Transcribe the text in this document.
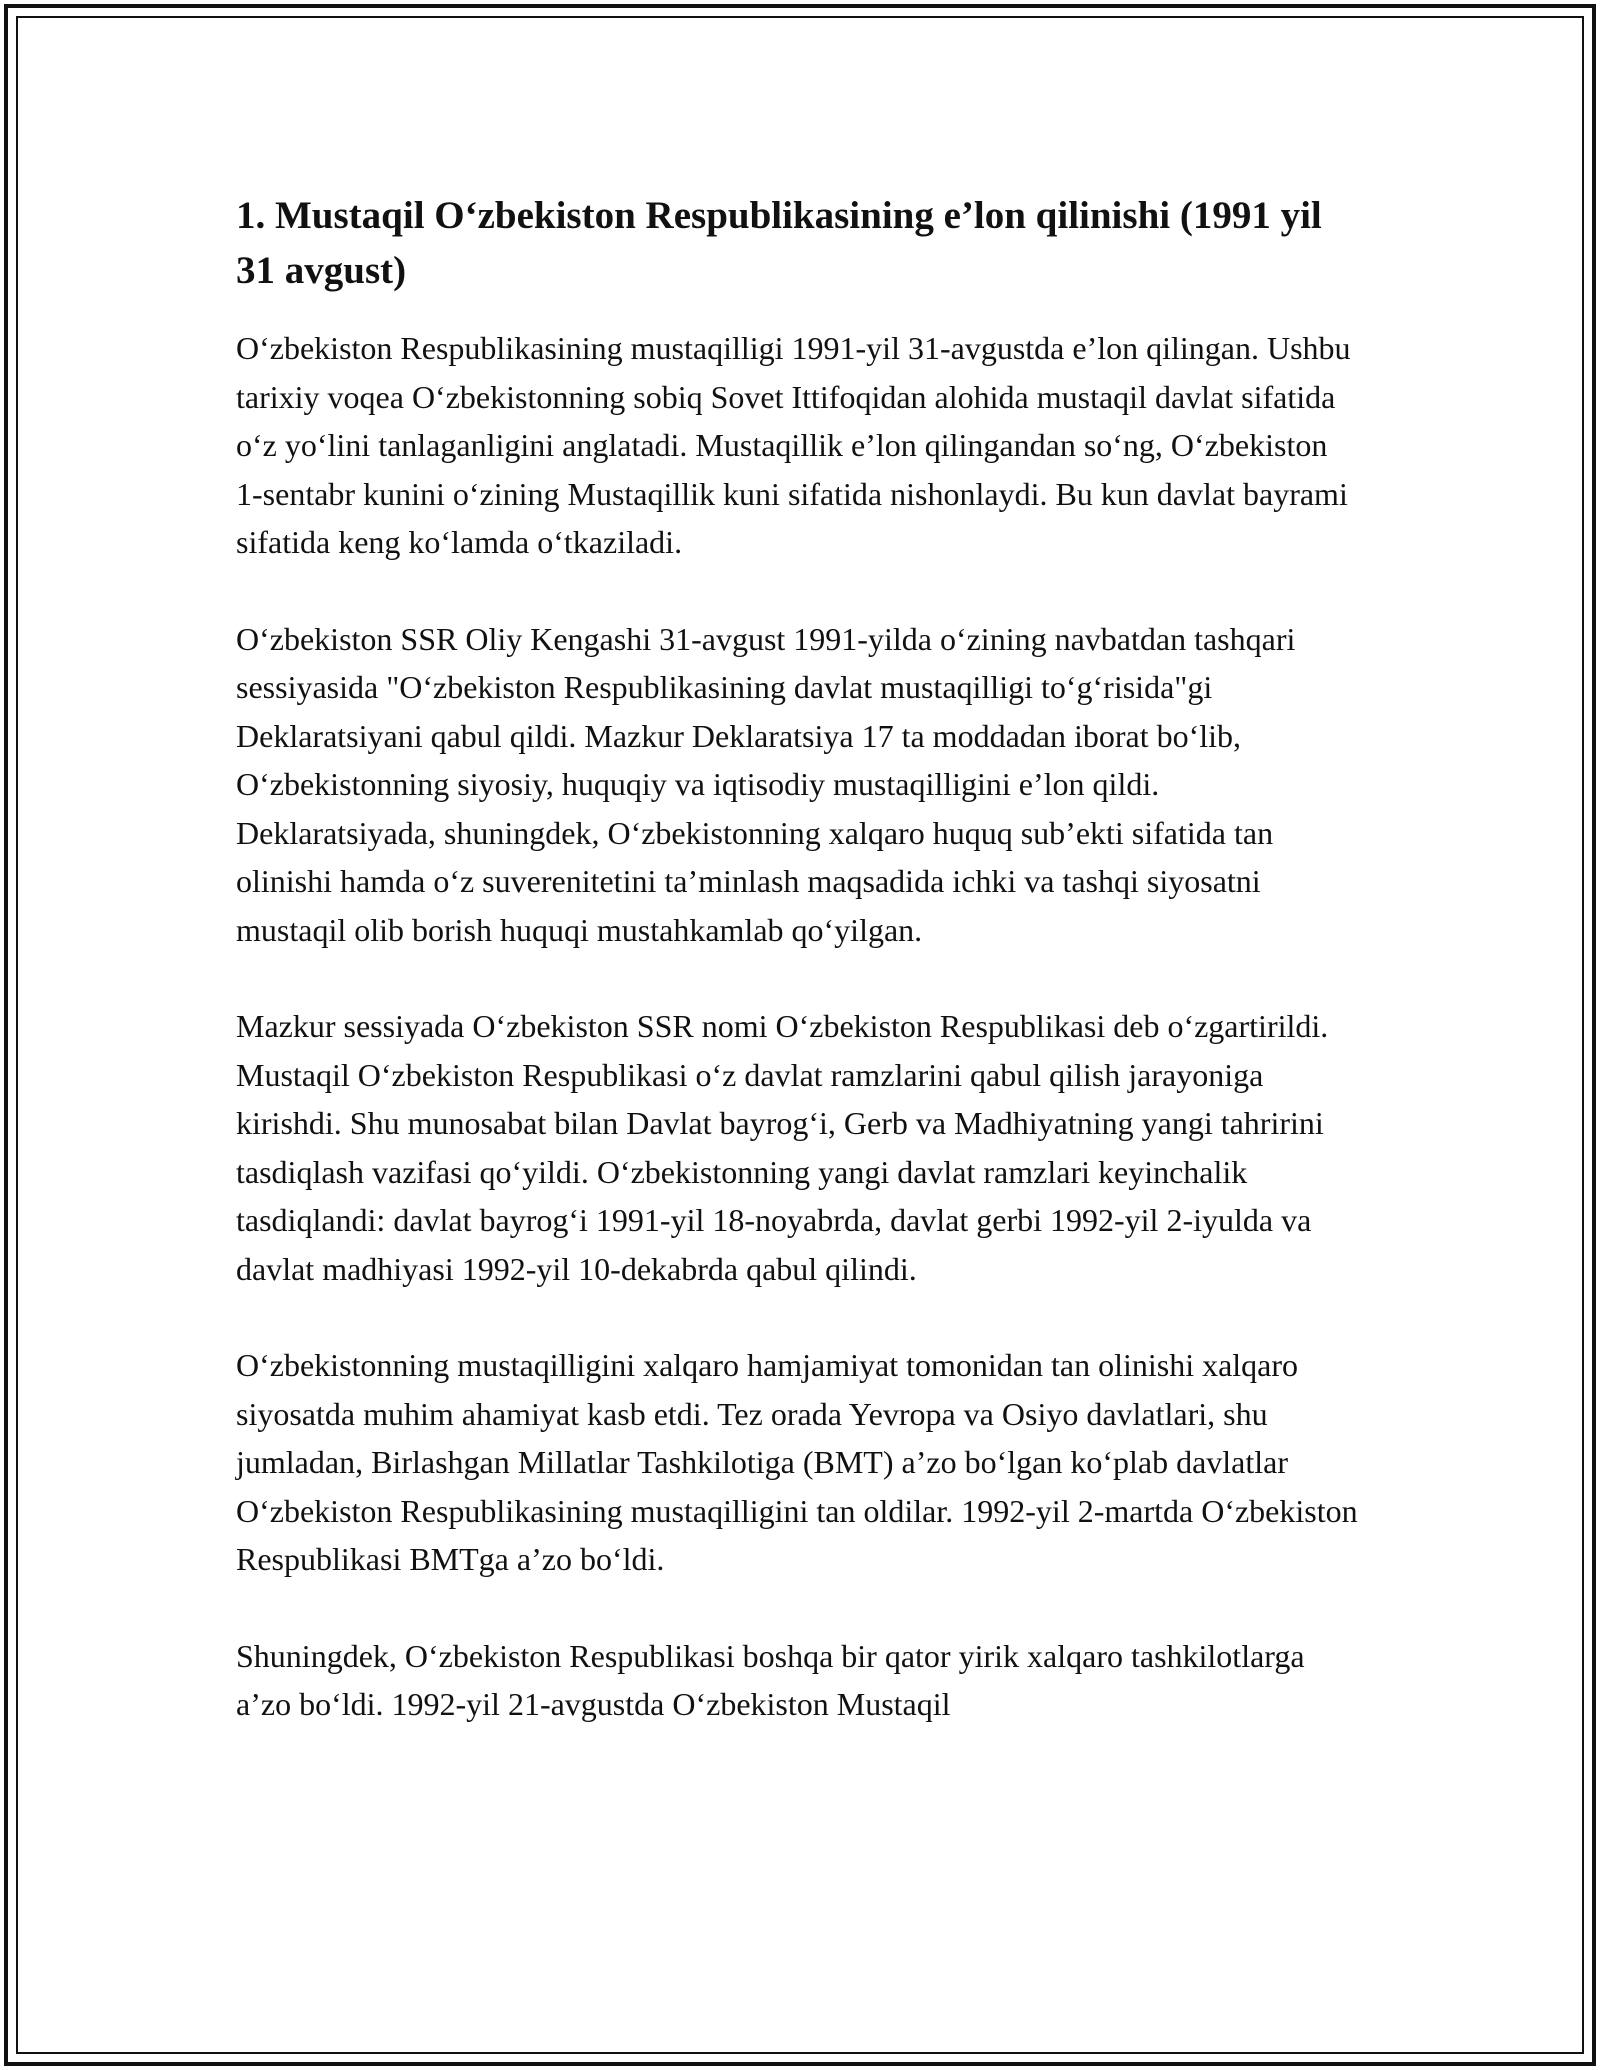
1. Mustaqil O‘zbekiston Respublikasining e’lon qilinishi (1991 yil 31 avgust)

O‘zbekiston Respublikasining mustaqilligi 1991-yil 31-avgustda e’lon qilingan. Ushbu tarixiy voqea O‘zbekistonning sobiq Sovet Ittifoqidan alohida mustaqil davlat sifatida o‘z yo‘lini tanlaganligini anglatadi. Mustaqillik e’lon qilingandan so‘ng, O‘zbekiston 1-sentabr kunini o‘zining Mustaqillik kuni sifatida nishonlaydi. Bu kun davlat bayrami sifatida keng ko‘lamda o‘tkaziladi.

O‘zbekiston SSR Oliy Kengashi 31-avgust 1991-yilda o‘zining navbatdan tashqari sessiyasida "O‘zbekiston Respublikasining davlat mustaqilligi to‘g‘risida"gi Deklaratsiyani qabul qildi. Mazkur Deklaratsiya 17 ta moddadan iborat bo‘lib, O‘zbekistonning siyosiy, huquqiy va iqtisodiy mustaqilligini e’lon qildi. Deklaratsiyada, shuningdek, O‘zbekistonning xalqaro huquq sub’ekti sifatida tan olinishi hamda o‘z suverenitetini ta’minlash maqsadida ichki va tashqi siyosatni mustaqil olib borish huquqi mustahkamlab qo‘yilgan.

Mazkur sessiyada O‘zbekiston SSR nomi O‘zbekiston Respublikasi deb o‘zgartirildi. Mustaqil O‘zbekiston Respublikasi o‘z davlat ramzlarini qabul qilish jarayoniga kirishdi. Shu munosabat bilan Davlat bayrog‘i, Gerb va Madhiyatning yangi tahririni tasdiqlash vazifasi qo‘yildi. O‘zbekistonning yangi davlat ramzlari keyinchalik tasdiqlandi: davlat bayrog‘i 1991-yil 18-noyabrda, davlat gerbi 1992-yil 2-iyulda va davlat madhiyasi 1992-yil 10-dekabrda qabul qilindi.

O‘zbekistonning mustaqilligini xalqaro hamjamiyat tomonidan tan olinishi xalqaro siyosatda muhim ahamiyat kasb etdi. Tez orada Yevropa va Osiyo davlatlari, shu jumladan, Birlashgan Millatlar Tashkilotiga (BMT) a’zo bo‘lgan ko‘plab davlatlar O‘zbekiston Respublikasining mustaqilligini tan oldilar. 1992-yil 2-martda O‘zbekiston Respublikasi BMTga a’zo bo‘ldi.

Shuningdek, O‘zbekiston Respublikasi boshqa bir qator yirik xalqaro tashkilotlarga a’zo bo‘ldi. 1992-yil 21-avgustda O‘zbekiston Mustaqil
